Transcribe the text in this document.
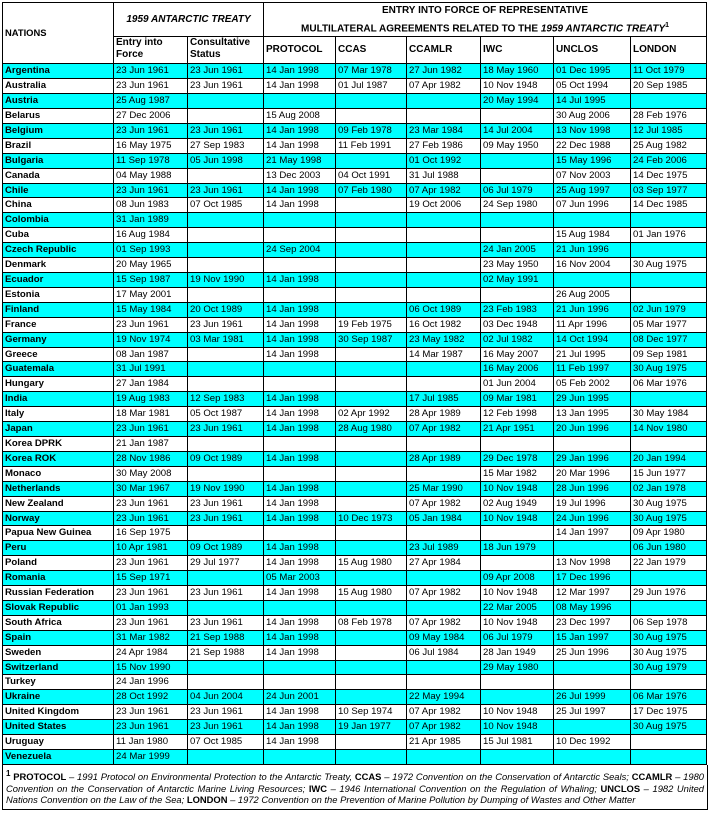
NATIONS	1959 ANTARCTIC TREATY		ENTRY INTO FORCE OF REPRESENTATIVE
MULTILATERAL AGREEMENTS RELATED TO THE 1959 ANTARCTIC TREATY$^1$

	Entry into Force	Consultative Status	PROTOCOL	CCAS	CCAMLR	IWC	UNCLOS	LONDON
Argentina	23 Jun 1961	23 Jun 1961	14 Jan 1998	07 Mar 1978	27 Jun 1982	18 May 1960	01 Dec 1995	11 Oct 1979
Australia	23 Jun 1961	23 Jun 1961	14 Jan 1998	01 Jul 1987	07 Apr 1982	10 Nov 1948	05 Oct 1994	20 Sep 1985
Austria	25 Aug 1987					20 May 1994	14 Jul 1995	
Belarus	27 Dec 2006		15 Aug 2008				30 Aug 2006	28 Feb 1976
Belgium	23 Jun 1961	23 Jun 1961	14 Jan 1998	09 Feb 1978	23 Mar 1984	14 Jul 2004	13 Nov 1998	12 Jul 1985
Brazil	16 May 1975	27 Sep 1983	14 Jan 1998	11 Feb 1991	27 Feb 1986	09 May 1950	22 Dec 1988	25 Aug 1982
Bulgaria	11 Sep 1978	05 Jun 1998	21 May 1998		01 Oct 1992		15 May 1996	24 Feb 2006
Canada	04 May 1988		13 Dec 2003	04 Oct 1991	31 Jul 1988		07 Nov 2003	14 Dec 1975
Chile	23 Jun 1961	23 Jun 1961	14 Jan 1998	07 Feb 1980	07 Apr 1982	06 Jul 1979	25 Aug 1997	03 Sep 1977
China	08 Jun 1983	07 Oct 1985	14 Jan 1998		19 Oct 2006	24 Sep 1980	07 Jun 1996	14 Dec 1985
Colombia	31 Jan 1989							
Cuba	16 Aug 1984						15 Aug 1984	01 Jan 1976
Czech Republic	01 Sep 1993		24 Sep 2004			24 Jan 2005	21 Jun 1996	
Denmark	20 May 1965					23 May 1950	16 Nov 2004	30 Aug 1975
Ecuador	15 Sep 1987	19 Nov 1990	14 Jan 1998			02 May 1991		
Estonia	17 May 2001						26 Aug 2005	
Finland	15 May 1984	20 Oct 1989	14 Jan 1998		06 Oct 1989	23 Feb 1983	21 Jun 1996	02 Jun 1979
France	23 Jun 1961	23 Jun 1961	14 Jan 1998	19 Feb 1975	16 Oct 1982	03 Dec 1948	11 Apr 1996	05 Mar 1977
Germany	19 Nov 1974	03 Mar 1981	14 Jan 1998	30 Sep 1987	23 May 1982	02 Jul 1982	14 Oct 1994	08 Dec 1977
Greece	08 Jan 1987		14 Jan 1998		14 Mar 1987	16 May 2007	21 Jul 1995	09 Sep 1981
Guatemala	31 Jul 1991					16 May 2006	11 Feb 1997	30 Aug 1975
Hungary	27 Jan 1984					01 Jun 2004	05 Feb 2002	06 Mar 1976
India	19 Aug 1983	12 Sep 1983	14 Jan 1998		17 Jul 1985	09 Mar 1981	29 Jun 1995	
Italy	18 Mar 1981	05 Oct 1987	14 Jan 1998	02 Apr 1992	28 Apr 1989	12 Feb 1998	13 Jan 1995	30 May 1984
Japan	23 Jun 1961	23 Jun 1961	14 Jan 1998	28 Aug 1980	07 Apr 1982	21 Apr 1951	20 Jun 1996	14 Nov 1980
Korea DPRK	21 Jan 1987							
Korea ROK	28 Nov 1986	09 Oct 1989	14 Jan 1998		28 Apr 1989	29 Dec 1978	29 Jan 1996	20 Jan 1994
Monaco	30 May 2008					15 Mar 1982	20 Mar 1996	15 Jun 1977
Netherlands	30 Mar 1967	19 Nov 1990	14 Jan 1998		25 Mar 1990	10 Nov 1948	28 Jun 1996	02 Jan 1978
New Zealand	23 Jun 1961	23 Jun 1961	14 Jan 1998		07 Apr 1982	02 Aug 1949	19 Jul 1996	30 Aug 1975
Norway	23 Jun 1961	23 Jun 1961	14 Jan 1998	10 Dec 1973	05 Jan 1984	10 Nov 1948	24 Jun 1996	30 Aug 1975
Papua New Guinea	16 Sep 1975						14 Jan 1997	09 Apr 1980
Peru	10 Apr 1981	09 Oct 1989	14 Jan 1998		23 Jul 1989	18 Jun 1979		06 Jun 1980
Poland	23 Jun 1961	29 Jul 1977	14 Jan 1998	15 Aug 1980	27 Apr 1984		13 Nov 1998	22 Jan 1979
Romania	15 Sep 1971		05 Mar 2003			09 Apr 2008	17 Dec 1996	
Russian Federation	23 Jun 1961	23 Jun 1961	14 Jan 1998	15 Aug 1980	07 Apr 1982	10 Nov 1948	12 Mar 1997	29 Jun 1976
Slovak Republic	01 Jan 1993					22 Mar 2005	08 May 1996	
South Africa	23 Jun 1961	23 Jun 1961	14 Jan 1998	08 Feb 1978	07 Apr 1982	10 Nov 1948	23 Dec 1997	06 Sep 1978
Spain	31 Mar 1982	21 Sep 1988	14 Jan 1998		09 May 1984	06 Jul 1979	15 Jan 1997	30 Aug 1975
Sweden	24 Apr 1984	21 Sep 1988	14 Jan 1998		06 Jul 1984	28 Jan 1949	25 Jun 1996	30 Aug 1975
Switzerland	15 Nov 1990					29 May 1980		30 Aug 1979
Turkey	24 Jan 1996							
Ukraine	28 Oct 1992	04 Jun 2004	24 Jun 2001		22 May 1994		26 Jul 1999	06 Mar 1976
United Kingdom	23 Jun 1961	23 Jun 1961	14 Jan 1998	10 Sep 1974	07 Apr 1982	10 Nov 1948	25 Jul 1997	17 Dec 1975
United States	23 Jun 1961	23 Jun 1961	14 Jan 1998	19 Jan 1977	07 Apr 1982	10 Nov 1948		30 Aug 1975
Uruguay	11 Jan 1980	07 Oct 1985	14 Jan 1998		21 Apr 1985	15 Jul 1981	10 Dec 1992	
Venezuela	24 Mar 1999							
1 PROTOCOL – 1991 Protocol on Environmental Protection to the Antarctic Treaty, CCAS – 1972 Convention on the Conservation of Antarctic Seals; CCAMLR – 1980 Convention on the Conservation of Antarctic Marine Living Resources; IWC – 1946 International Convention on the Regulation of Whaling; UNCLOS – 1982 United Nations Convention on the Law of the Sea; LONDON – 1972 Convention on the Prevention of Marine Pollution by Dumping of Wastes and Other Matter
